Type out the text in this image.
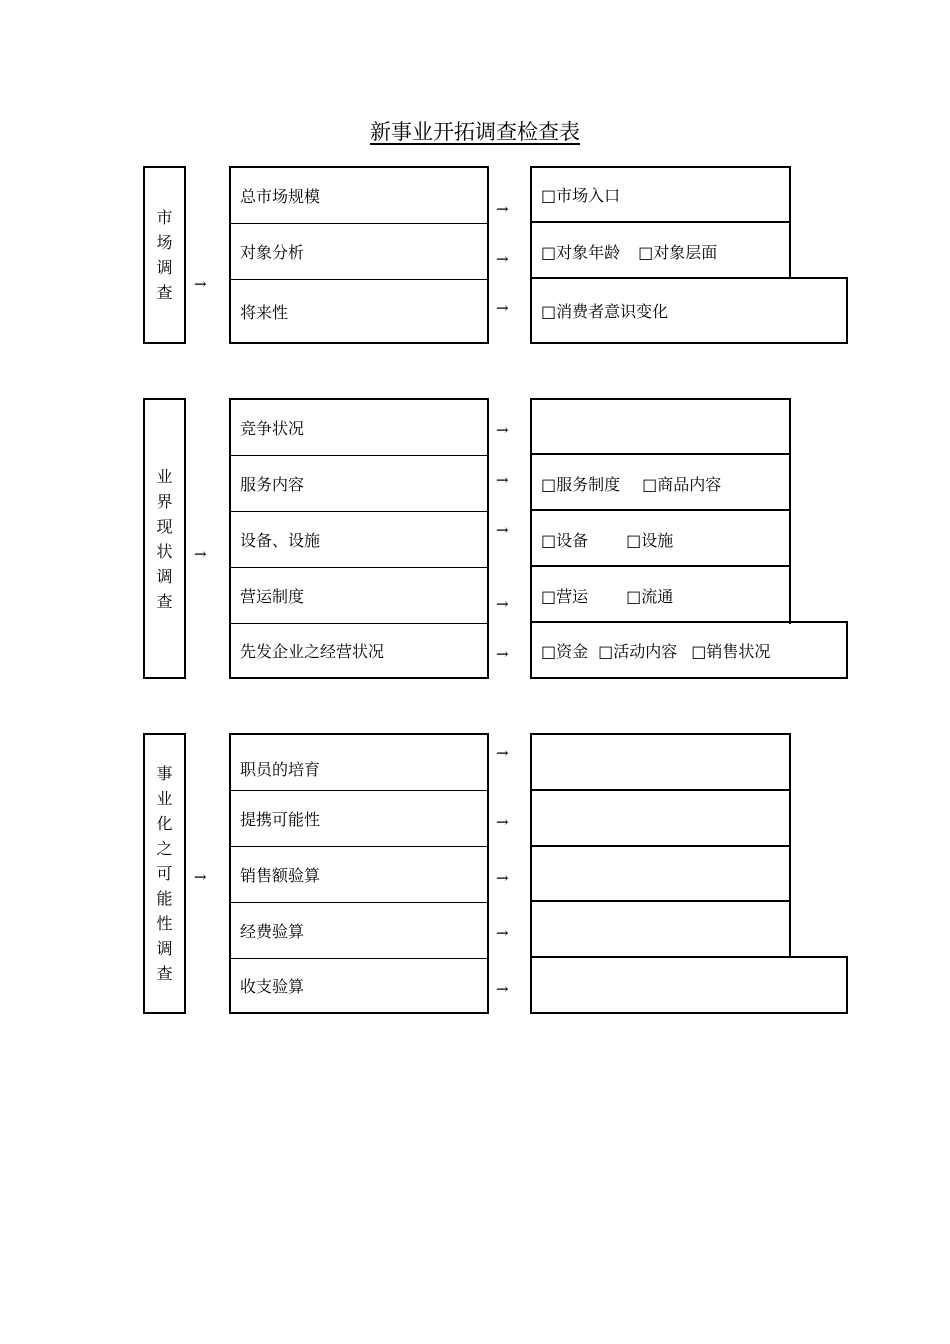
新事业开拓调查检查表
市
场
调
查 →
总市场规模
对象分析
将来性
→
→
→
□市场入口
□对象年龄 □对象层面
□消费者意识变化
业
界
现
状
调
查
→
竞争状况
服务内容
设备、设施
营运制度
先发企业之经营状况
→
→
→
→
→
□服务制度 □商品内容
□设备 □设施
□营运 □流通
□资金 □活动内容 □销售状况
事
业
化
之
可
能
性
调
查
→
职员的培育
提携可能性
销售额验算
经费验算
收支验算
→
→
→
→
→
